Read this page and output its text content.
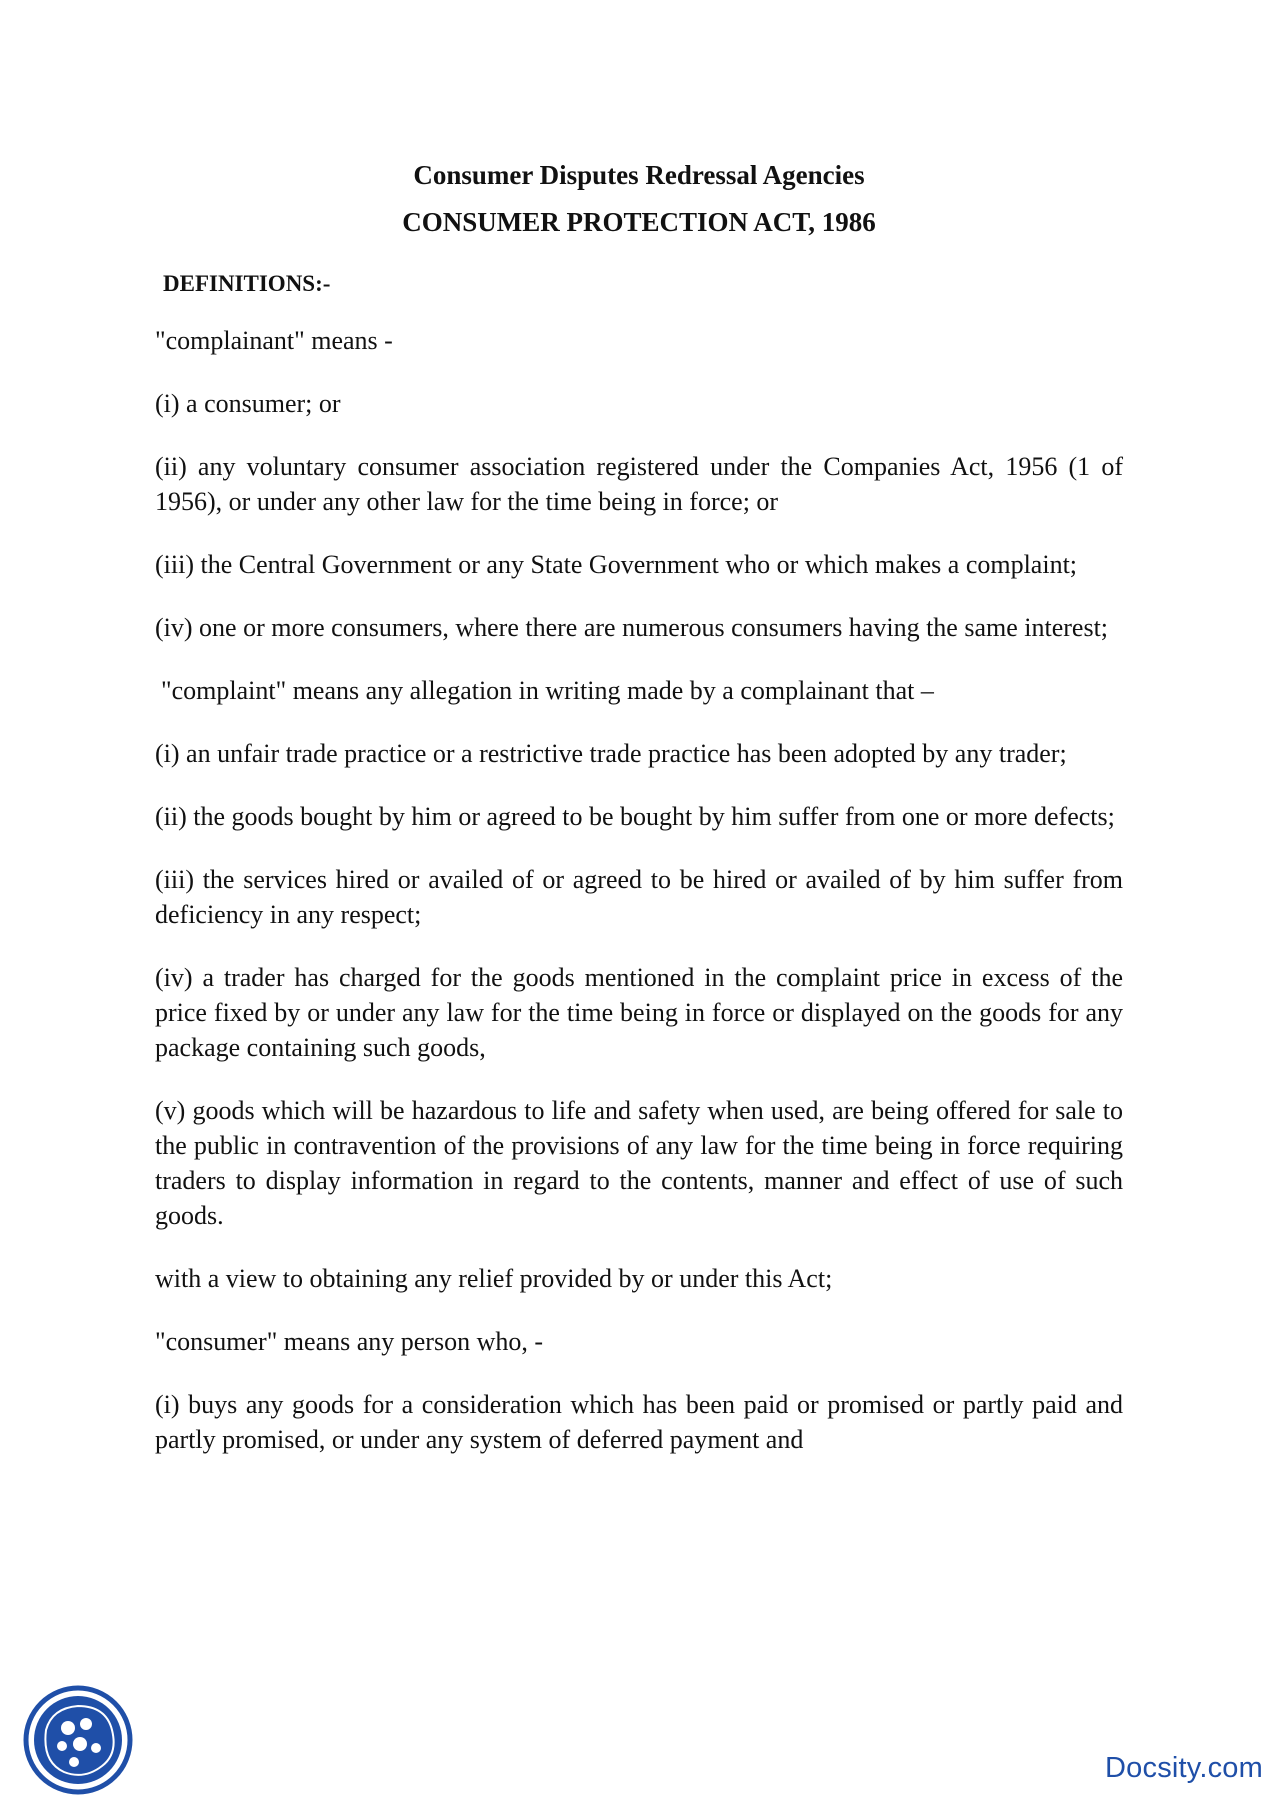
Consumer Disputes Redressal Agencies

CONSUMER PROTECTION ACT, 1986

DEFINITIONS:-

"complainant" means -

(i) a consumer; or

(ii) any voluntary consumer association registered under the Companies Act, 1956 (1 of 1956), or under any other law for the time being in force; or

(iii) the Central Government or any State Government who or which makes a complaint;

(iv) one or more consumers, where there are numerous consumers having the same interest;

"complaint" means any allegation in writing made by a complainant that –

(i) an unfair trade practice or a restrictive trade practice has been adopted by any trader;

(ii) the goods bought by him or agreed to be bought by him suffer from one or more defects;

(iii) the services hired or availed of or agreed to be hired or availed of by him suffer from deficiency in any respect;

(iv) a trader has charged for the goods mentioned in the complaint price in excess of the price fixed by or under any law for the time being in force or displayed on the goods for any package containing such goods,

(v) goods which will be hazardous to life and safety when used, are being offered for sale to the public in contravention of the provisions of any law for the time being in force requiring traders to display information in regard to the contents, manner and effect of use of such goods.

with a view to obtaining any relief provided by or under this Act;

"consumer" means any person who, -

(i) buys any goods for a consideration which has been paid or promised or partly paid and partly promised, or under any system of deferred payment and

Docsity.com
